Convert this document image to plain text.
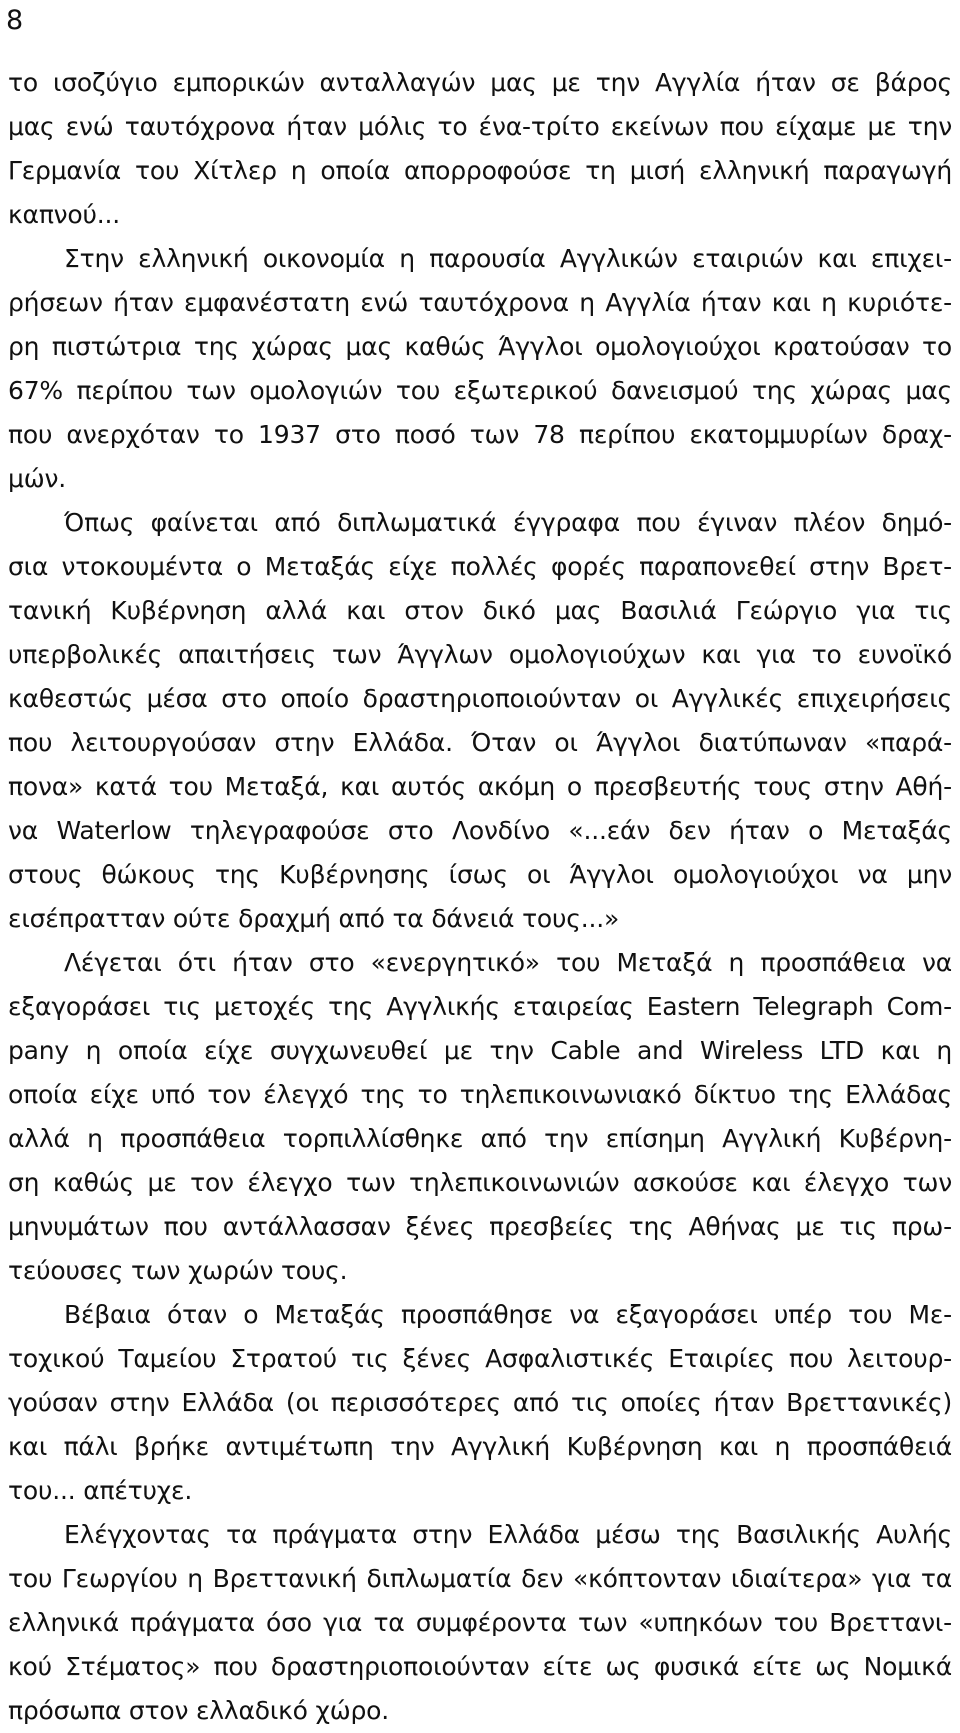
8
το ισοζύγιο εμπορικών ανταλλαγών μας με την Αγγλία ήταν σε βάρος
μας ενώ ταυτόχρονα ήταν μόλις το ένα-τρίτο εκείνων που είχαμε με την
Γερμανία του Χίτλερ η οποία απορροφούσε τη μισή ελληνική παραγωγή
καπνού...
Στην ελληνική οικονομία η παρουσία Αγγλικών εταιριών και επιχει-
ρήσεων ήταν εμφανέστατη ενώ ταυτόχρονα η Αγγλία ήταν και η κυριότε-
ρη πιστώτρια της χώρας μας καθώς Άγγλοι ομολογιούχοι κρατούσαν το
67% περίπου των ομολογιών του εξωτερικού δανεισμού της χώρας μας
που ανερχόταν το 1937 στο ποσό των 78 περίπου εκατομμυρίων δραχ-
μών.
Όπως φαίνεται από διπλωματικά έγγραφα που έγιναν πλέον δημό-
σια ντοκουμέντα ο Μεταξάς είχε πολλές φορές παραπονεθεί στην Βρετ-
τανική Κυβέρνηση αλλά και στον δικό μας Βασιλιά Γεώργιο για τις
υπερβολικές απαιτήσεις των Άγγλων ομολογιούχων και για το ευνοϊκό
καθεστώς μέσα στο οποίο δραστηριοποιούνταν οι Αγγλικές επιχειρήσεις
που λειτουργούσαν στην Ελλάδα. Όταν οι Άγγλοι διατύπωναν «παρά-
πονα» κατά του Μεταξά, και αυτός ακόμη ο πρεσβευτής τους στην Αθή-
να Waterlow τηλεγραφούσε στο Λονδίνο «...εάν δεν ήταν ο Μεταξάς
στους θώκους της Κυβέρνησης ίσως οι Άγγλοι ομολογιούχοι να μην
εισέπρατταν ούτε δραχμή από τα δάνειά τους...»
Λέγεται ότι ήταν στο «ενεργητικό» του Μεταξά η προσπάθεια να
εξαγοράσει τις μετοχές της Αγγλικής εταιρείας Eastern Telegraph Com-
pany η οποία είχε συγχωνευθεί με την Cable and Wireless LTD και η
οποία είχε υπό τον έλεγχό της το τηλεπικοινωνιακό δίκτυο της Ελλάδας
αλλά η προσπάθεια τορπιλλίσθηκε από την επίσημη Αγγλική Κυβέρνη-
ση καθώς με τον έλεγχο των τηλεπικοινωνιών ασκούσε και έλεγχο των
μηνυμάτων που αντάλλασσαν ξένες πρεσβείες της Αθήνας με τις πρω-
τεύουσες των χωρών τους.
Βέβαια όταν ο Μεταξάς προσπάθησε να εξαγοράσει υπέρ του Με-
τοχικού Ταμείου Στρατού τις ξένες Ασφαλιστικές Εταιρίες που λειτουρ-
γούσαν στην Ελλάδα (οι περισσότερες από τις οποίες ήταν Βρεττανικές)
και πάλι βρήκε αντιμέτωπη την Αγγλική Κυβέρνηση και η προσπάθειά
του... απέτυχε.
Ελέγχοντας τα πράγματα στην Ελλάδα μέσω της Βασιλικής Αυλής
του Γεωργίου η Βρεττανική διπλωματία δεν «κόπτονταν ιδιαίτερα» για τα
ελληνικά πράγματα όσο για τα συμφέροντα των «υπηκόων του Βρεττανι-
κού Στέματος» που δραστηριοποιούνταν είτε ως φυσικά είτε ως Νομικά
πρόσωπα στον ελλαδικό χώρο.
